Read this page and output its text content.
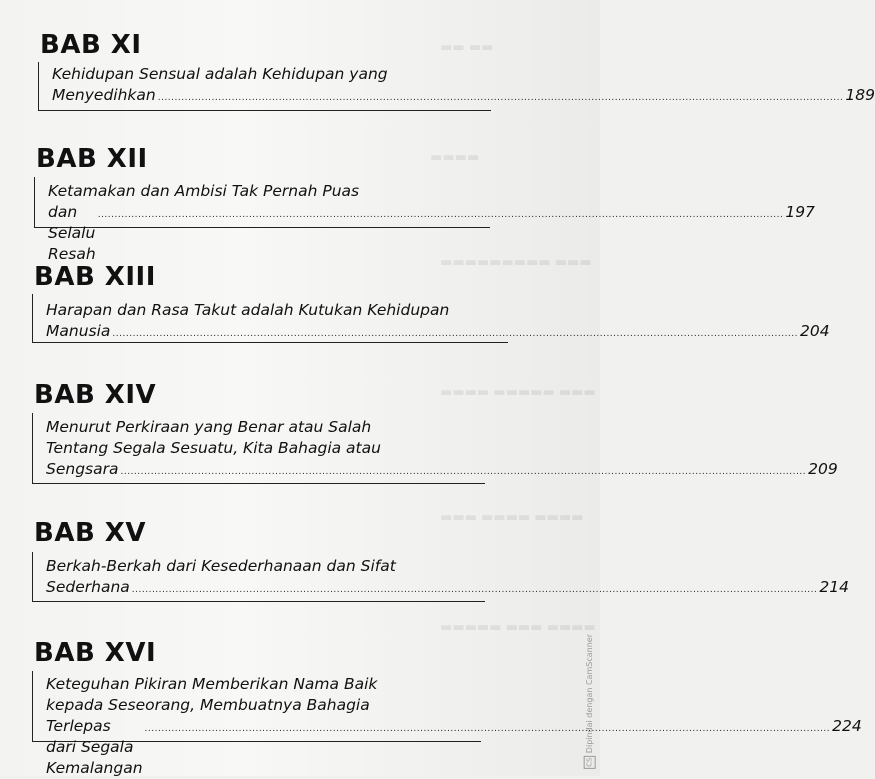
▬▬ ▬▬
▬▬▬▬
▬▬▬ ▬▬▬▬▬▬▬▬▬
▬▬▬ ▬▬▬▬▬ ▬▬▬▬
▬▬▬▬ ▬▬▬▬ ▬▬▬
▬▬▬▬ ▬▬▬ ▬▬▬▬▬
BAB XI
Kehidupan Sensual adalah Kehidupan yang
Menyedihkan ............................................................................................................................................................................................................ 189
BAB XII
Ketamakan dan Ambisi Tak Pernah Puas
dan Selalu Resah
............................................................................................................................................................................................................ 197
BAB XIII
Harapan dan Rasa Takut adalah Kutukan Kehidupan
Manusia ............................................................................................................................................................................................................ 204
BAB XIV
Menurut Perkiraan yang Benar atau Salah
Tentang Segala Sesuatu, Kita Bahagia atau
Sengsara ............................................................................................................................................................................................................ 209
BAB XV
Berkah-Berkah dari Kesederhanaan dan Sifat
Sederhana ............................................................................................................................................................................................................ 214
BAB XVI
Keteguhan Pikiran Memberikan Nama Baik
kepada Seseorang, Membuatnya Bahagia
Terlepas dari Segala Kemalangan
............................................................................................................................................................................................................ 224
CS
Dipindai dengan CamScanner
